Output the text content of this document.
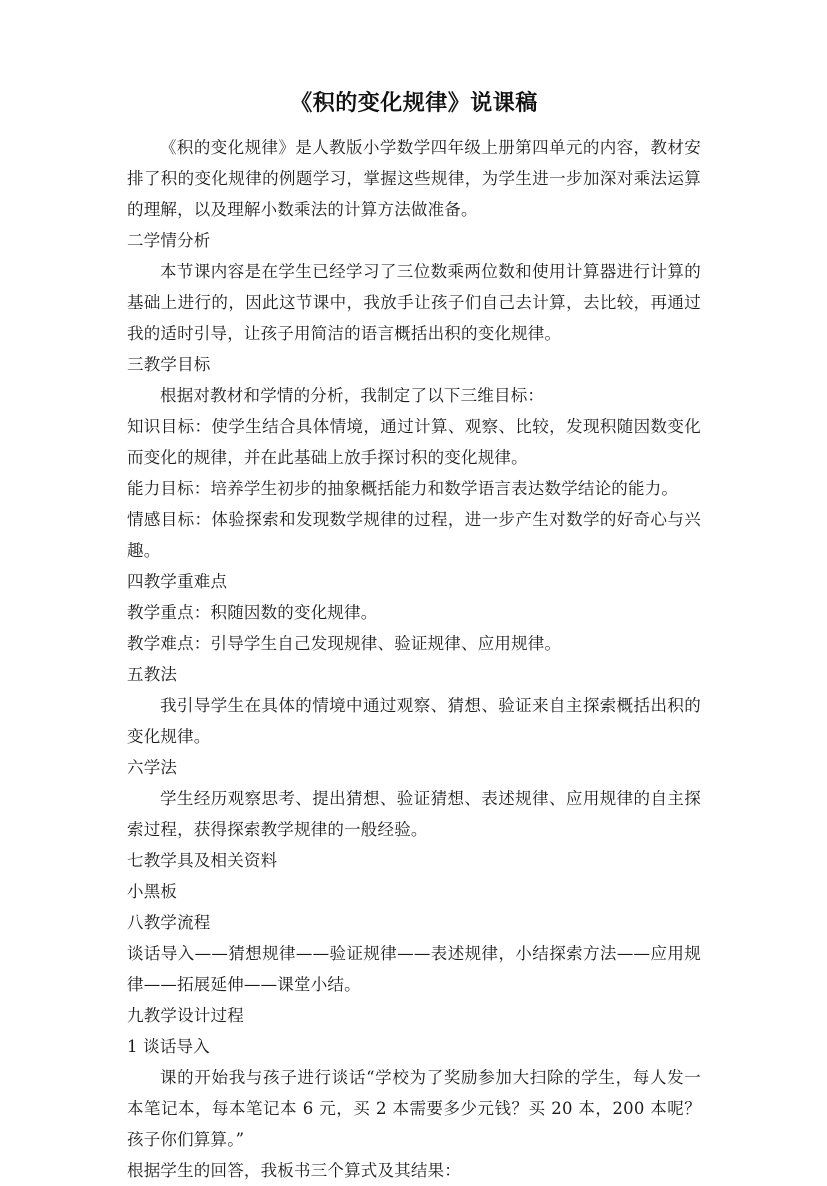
《积的变化规律》说课稿

《积的变化规律》是人教版小学数学四年级上册第四单元的内容，教材安排了积的变化规律的例题学习，掌握这些规律，为学生进一步加深对乘法运算的理解，以及理解小数乘法的计算方法做准备。

二学情分析

本节课内容是在学生已经学习了三位数乘两位数和使用计算器进行计算的基础上进行的，因此这节课中，我放手让孩子们自己去计算，去比较，再通过我的适时引导，让孩子用简洁的语言概括出积的变化规律。

三教学目标

根据对教材和学情的分析，我制定了以下三维目标：

知识目标：使学生结合具体情境，通过计算、观察、比较，发现积随因数变化而变化的规律，并在此基础上放手探讨积的变化规律。

能力目标：培养学生初步的抽象概括能力和数学语言表达数学结论的能力。

情感目标：体验探索和发现数学规律的过程，进一步产生对数学的好奇心与兴趣。

四教学重难点

教学重点：积随因数的变化规律。

教学难点：引导学生自己发现规律、验证规律、应用规律。

五教法

我引导学生在具体的情境中通过观察、猜想、验证来自主探索概括出积的变化规律。

六学法

学生经历观察思考、提出猜想、验证猜想、表述规律、应用规律的自主探索过程，获得探索教学规律的一般经验。

七教学具及相关资料

小黑板

八教学流程

谈话导入——猜想规律——验证规律——表述规律，小结探索方法——应用规律——拓展延伸——课堂小结。

九教学设计过程

1 谈话导入

课的开始我与孩子进行谈话“学校为了奖励参加大扫除的学生，每人发一本笔记本，每本笔记本 6 元，买 2 本需要多少元钱？买 20 本，200 本呢？孩子你们算算。”

根据学生的回答，我板书三个算式及其结果：
